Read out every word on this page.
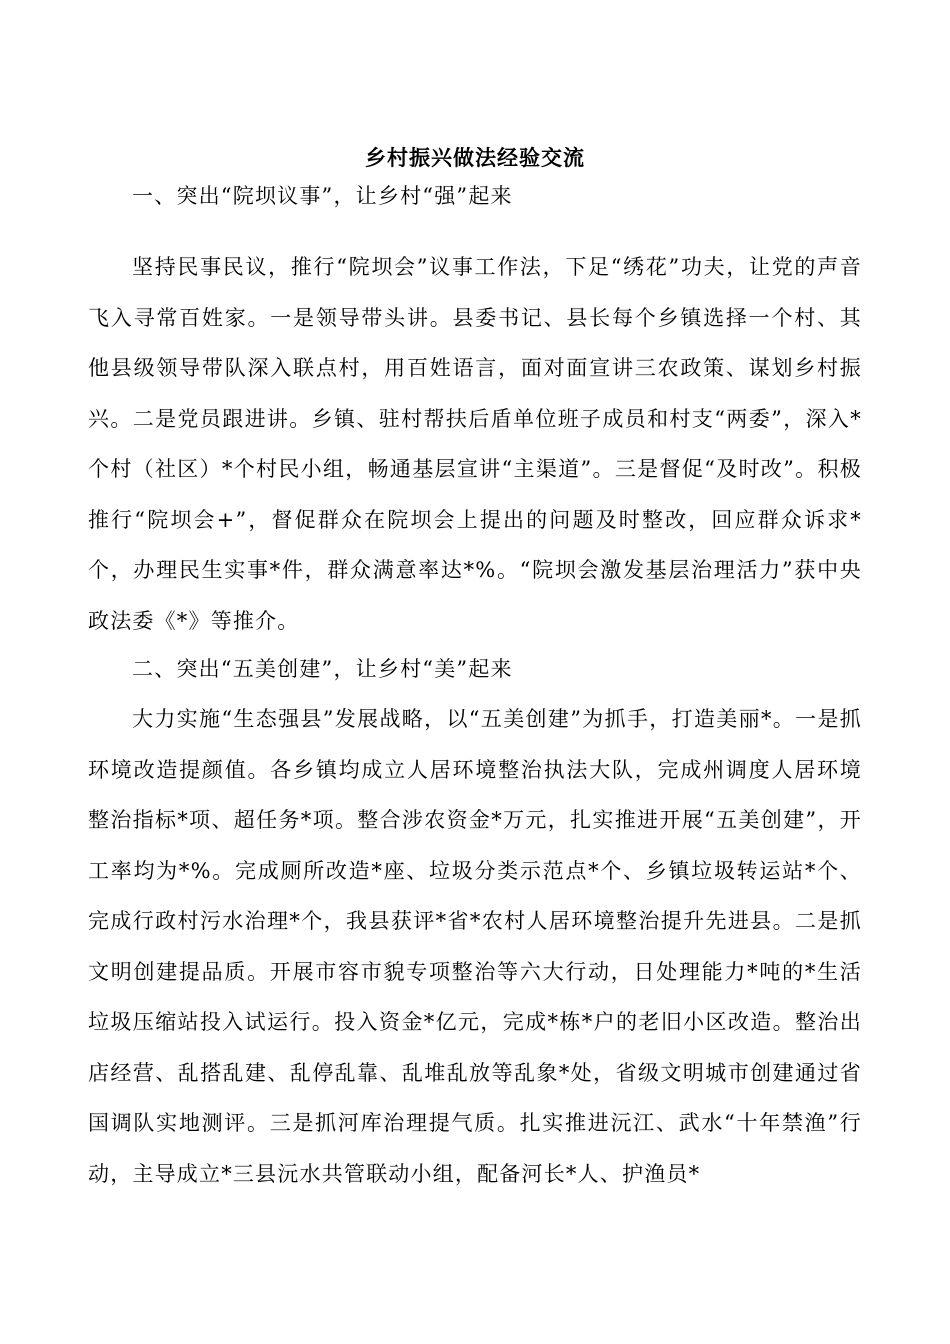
乡村振兴做法经验交流

一、突出“院坝议事”，让乡村“强”起来

坚持民事民议，推行“院坝会”议事工作法，下足“绣花”功夫，让党的声音飞入寻常百姓家。一是领导带头讲。县委书记、县长每个乡镇选择一个村、其他县级领导带队深入联点村，用百姓语言，面对面宣讲三农政策、谋划乡村振兴。二是党员跟进讲。乡镇、驻村帮扶后盾单位班子成员和村支“两委”，深入*个村（社区）*个村民小组，畅通基层宣讲“主渠道”。三是督促“及时改”。积极推行“院坝会+”，督促群众在院坝会上提出的问题及时整改，回应群众诉求*个，办理民生实事*件，群众满意率达*%。“院坝会激发基层治理活力”获中央政法委《*》等推介。

二、突出“五美创建”，让乡村“美”起来

大力实施“生态强县”发展战略，以“五美创建”为抓手，打造美丽*。一是抓环境改造提颜值。各乡镇均成立人居环境整治执法大队，完成州调度人居环境整治指标*项、超任务*项。整合涉农资金*万元，扎实推进开展“五美创建”，开工率均为*%。完成厕所改造*座、垃圾分类示范点*个、乡镇垃圾转运站*个、完成行政村污水治理*个，我县获评*省*农村人居环境整治提升先进县。二是抓文明创建提品质。开展市容市貌专项整治等六大行动，日处理能力*吨的*生活垃圾压缩站投入试运行。投入资金*亿元，完成*栋*户的老旧小区改造。整治出店经营、乱搭乱建、乱停乱靠、乱堆乱放等乱象*处，省级文明城市创建通过省国调队实地测评。三是抓河库治理提气质。扎实推进沅江、武水“十年禁渔”行动，主导成立*三县沅水共管联动小组，配备河长*人、护渔员*
